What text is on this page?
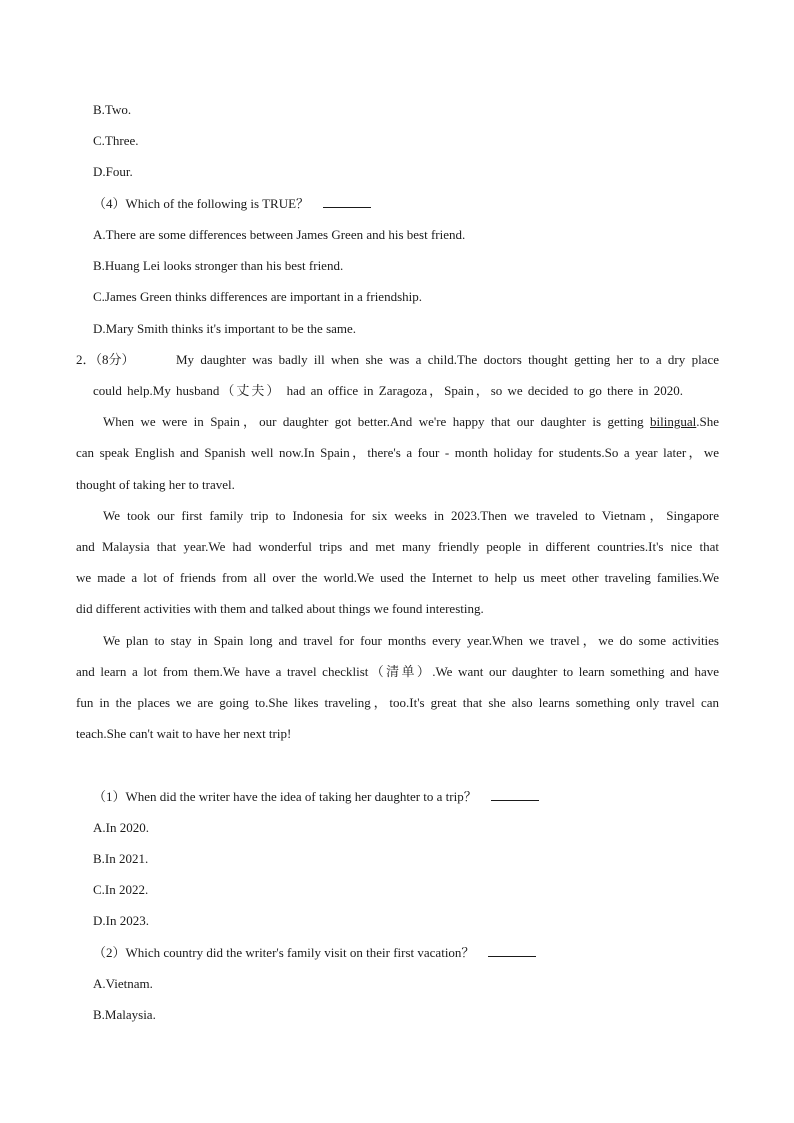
B.Two.
C.Three.
D.Four.
（4）Which of the following is TRUE？
A.There are some differences between James Green and his best friend.
B.Huang Lei looks stronger than his best friend.
C.James Green thinks differences are important in a friendship.
D.Mary Smith thinks it's important to be the same.
2．（8分）	My daughter was badly ill when she was a child.The doctors thought getting her to a dry place
could help.My husband（丈夫） had an office in Zaragoza，Spain，so we decided to go there in 2020.
When we were in Spain，our daughter got better.And we're happy that our daughter is getting bilingual.She
can speak English and Spanish well now.In Spain，there's a four - month holiday for students.So a year later，we
thought of taking her to travel.
We took our first family trip to Indonesia for six weeks in 2023.Then we traveled to Vietnam，Singapore
and Malaysia that year.We had wonderful trips and met many friendly people in different countries.It's nice that
we made a lot of friends from all over the world.We used the Internet to help us meet other traveling families.We
did different activities with them and talked about things we found interesting.
We plan to stay in Spain long and travel for four months every year.When we travel，we do some activities
and learn a lot from them.We have a travel checklist（清单）.We want our daughter to learn something and have
fun in the places we are going to.She likes traveling，too.It's great that she also learns something only travel can
teach.She can't wait to have her next trip!
（1）When did the writer have the idea of taking her daughter to a trip？
A.In 2020.
B.In 2021.
C.In 2022.
D.In 2023.
（2）Which country did the writer's family visit on their first vacation？
A.Vietnam.
B.Malaysia.
